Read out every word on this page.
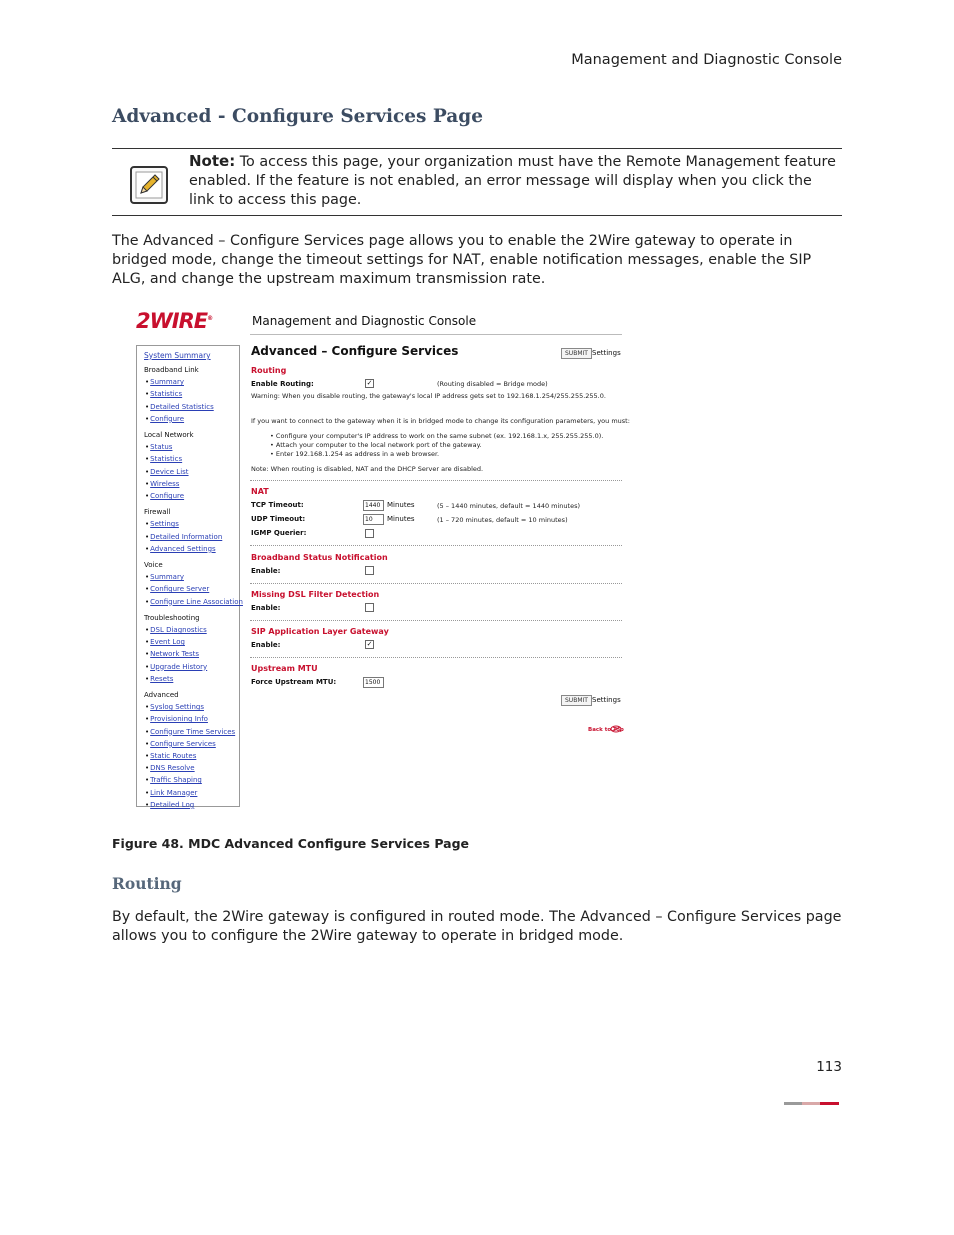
Management and Diagnostic Console
Advanced - Configure Services Page
Note: To access this page, your organization must have the Remote Management feature enabled. If the feature is not enabled, an error message will display when you click the link to access this page.
The Advanced – Configure Services page allows you to enable the 2Wire gateway to operate in bridged mode, change the timeout settings for NAT, enable notification messages, enable the SIP ALG, and change the upstream maximum transmission rate.
2WIRE®	Management and Diagnostic Console
System Summary
Broadband Link
• Summary
• Statistics
• Detailed Statistics
• Configure
Local Network
• Status
• Statistics
• Device List
• Wireless
• Configure
Firewall
• Settings
• Detailed Information
• Advanced Settings
Voice
• Summary
• Configure Server
• Configure Line Association
Troubleshooting
• DSL Diagnostics
• Event Log
• Network Tests
• Upgrade History
• Resets
Advanced
• Syslog Settings
• Provisioning Info
• Configure Time Services
• Configure Services
• Static Routes
• DNS Resolve
• Traffic Shaping
• Link Manager
• Detailed Log
Advanced – Configure Services	SUBMIT Settings
Routing
Enable Routing:	✓	(Routing disabled = Bridge mode)
Warning: When you disable routing, the gateway's local IP address gets set to 192.168.1.254/255.255.255.0.
If you want to connect to the gateway when it is in bridged mode to change its configuration parameters, you must:
• Configure your computer's IP address to work on the same subnet (ex. 192.168.1.x, 255.255.255.0).
• Attach your computer to the local network port of the gateway.
• Enter 192.168.1.254 as address in a web browser.
Note: When routing is disabled, NAT and the DHCP Server are disabled.
NAT
TCP Timeout:	1440 Minutes	(5 – 1440 minutes, default = 1440 minutes)
UDP Timeout:	10	Minutes	(1 – 720 minutes, default = 10 minutes)
IGMP Querier:
Broadband Status Notification
Enable:
Missing DSL Filter Detection
Enable:
SIP Application Layer Gateway
Enable:	✓
Upstream MTU
Force Upstream MTU:	1500
SUBMIT Settings
Back to Top
Figure 48. MDC Advanced Configure Services Page
Routing
By default, the 2Wire gateway is configured in routed mode. The Advanced – Configure Services page allows you to configure the 2Wire gateway to operate in bridged mode.
113
